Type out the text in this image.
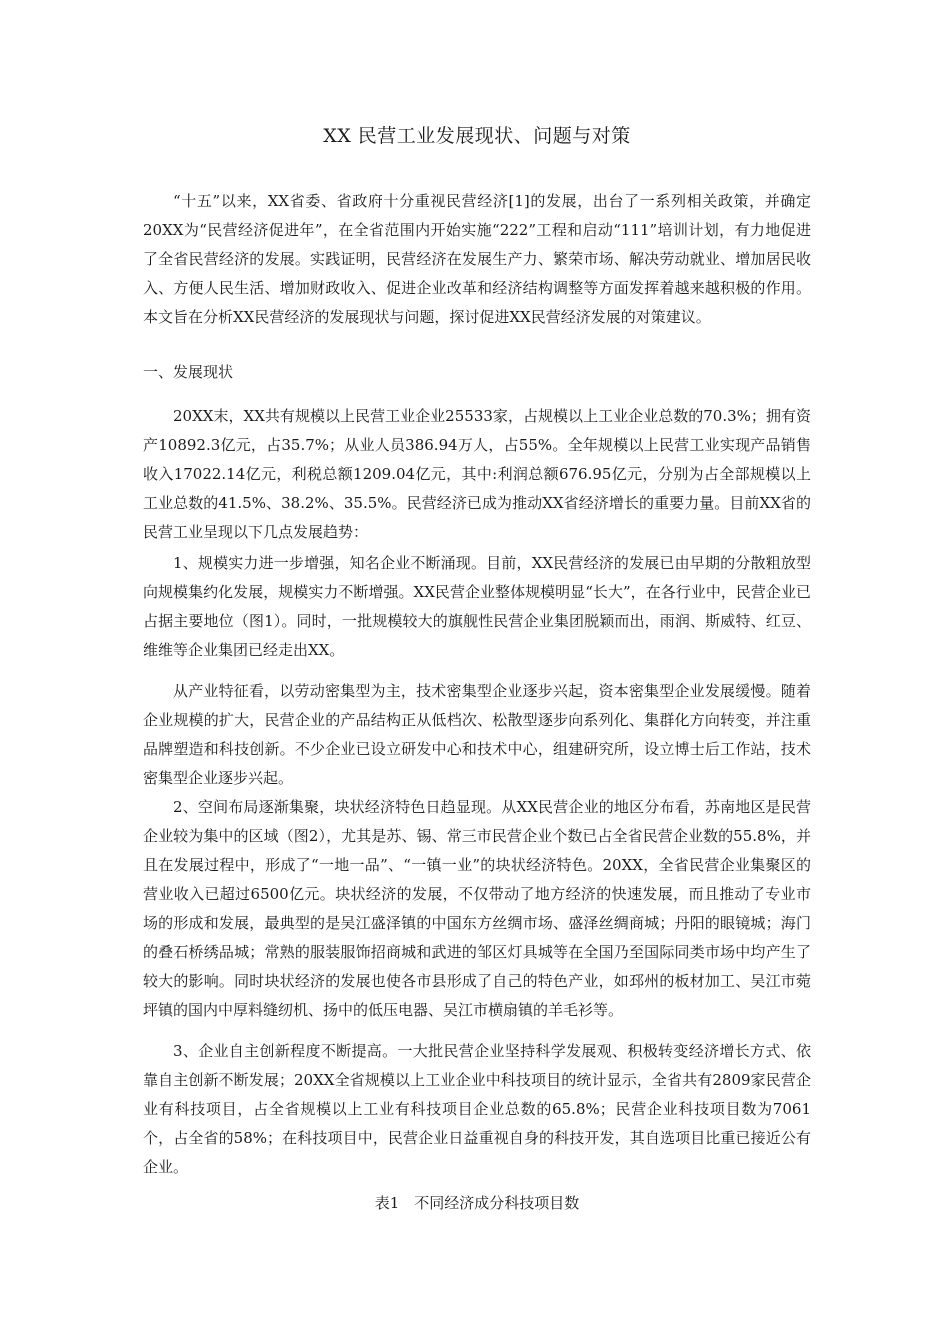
XX 民营工业发展现状、问题与对策

“十五”以来，XX省委、省政府十分重视民营经济[1]的发展，出台了一系列相关政策，并确定20XX为“民营经济促进年”，在全省范围内开始实施“222”工程和启动“111”培训计划，有力地促进了全省民营经济的发展。实践证明，民营经济在发展生产力、繁荣市场、解决劳动就业、增加居民收入、方便人民生活、增加财政收入、促进企业改革和经济结构调整等方面发挥着越来越积极的作用。本文旨在分析XX民营经济的发展现状与问题，探讨促进XX民营经济发展的对策建议。

一、发展现状

20XX末，XX共有规模以上民营工业企业25533家，占规模以上工业企业总数的70.3%；拥有资产10892.3亿元，占35.7%；从业人员386.94万人，占55%。全年规模以上民营工业实现产品销售收入17022.14亿元，利税总额1209.04亿元，其中:利润总额676.95亿元，分别为占全部规模以上工业总数的41.5%、38.2%、35.5%。民营经济已成为推动XX省经济增长的重要力量。目前XX省的民营工业呈现以下几点发展趋势：

1、规模实力进一步增强，知名企业不断涌现。目前，XX民营经济的发展已由早期的分散粗放型向规模集约化发展，规模实力不断增强。XX民营企业整体规模明显“长大”，在各行业中，民营企业已占据主要地位（图1）。同时，一批规模较大的旗舰性民营企业集团脱颖而出，雨润、斯威特、红豆、维维等企业集团已经走出XX。

从产业特征看，以劳动密集型为主，技术密集型企业逐步兴起，资本密集型企业发展缓慢。随着企业规模的扩大，民营企业的产品结构正从低档次、松散型逐步向系列化、集群化方向转变，并注重品牌塑造和科技创新。不少企业已设立研发中心和技术中心，组建研究所，设立博士后工作站，技术密集型企业逐步兴起。

2、空间布局逐渐集聚，块状经济特色日趋显现。从XX民营企业的地区分布看，苏南地区是民营企业较为集中的区域（图2），尤其是苏、锡、常三市民营企业个数已占全省民营企业数的55.8%，并且在发展过程中，形成了“一地一品”、“一镇一业”的块状经济特色。20XX，全省民营企业集聚区的营业收入已超过6500亿元。块状经济的发展，不仅带动了地方经济的快速发展，而且推动了专业市场的形成和发展，最典型的是吴江盛泽镇的中国东方丝绸市场、盛泽丝绸商城；丹阳的眼镜城；海门的叠石桥绣品城；常熟的服装服饰招商城和武进的邹区灯具城等在全国乃至国际同类市场中均产生了较大的影响。同时块状经济的发展也使各市县形成了自己的特色产业，如邳州的板材加工、吴江市菀坪镇的国内中厚料缝纫机、扬中的低压电器、吴江市横扇镇的羊毛衫等。

3、企业自主创新程度不断提高。一大批民营企业坚持科学发展观、积极转变经济增长方式、依靠自主创新不断发展；20XX全省规模以上工业企业中科技项目的统计显示，全省共有2809家民营企业有科技项目，占全省规模以上工业有科技项目企业总数的65.8%；民营企业科技项目数为7061个，占全省的58%；在科技项目中，民营企业日益重视自身的科技开发，其自选项目比重已接近公有企业。

表1　不同经济成分科技项目数
